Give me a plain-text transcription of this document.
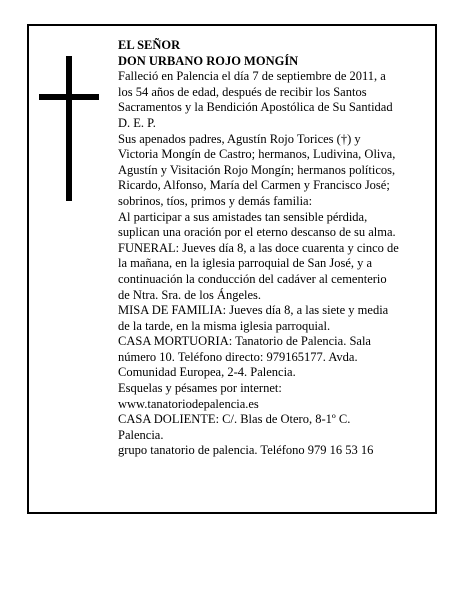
EL SEÑOR
DON URBANO ROJO MONGÍN
Falleció en Palencia el día 7 de septiembre de 2011, a
los 54 años de edad, después de recibir los Santos
Sacramentos y la Bendición Apostólica de Su Santidad
D. E. P.
Sus apenados padres, Agustín Rojo Torices (†) y
Victoria Mongín de Castro; hermanos, Ludivina, Oliva,
Agustín y Visitación Rojo Mongín; hermanos políticos,
Ricardo, Alfonso, María del Carmen y Francisco José;
sobrinos, tíos, primos y demás familia:
Al participar a sus amistades tan sensible pérdida,
suplican una oración por el eterno descanso de su alma.
FUNERAL: Jueves día 8, a las doce cuarenta y cinco de
la mañana, en la iglesia parroquial de San José, y a
continuación la conducción del cadáver al cementerio
de Ntra. Sra. de los Ángeles.
MISA DE FAMILIA: Jueves día 8, a las siete y media
de la tarde, en la misma iglesia parroquial.
CASA MORTUORIA: Tanatorio de Palencia. Sala
número 10. Teléfono directo: 979165177. Avda.
Comunidad Europea, 2-4. Palencia.
Esquelas y pésames por internet:
www.tanatoriodepalencia.es
CASA DOLIENTE: C/. Blas de Otero, 8-1º C.
Palencia.
grupo tanatorio de palencia. Teléfono 979 16 53 16
